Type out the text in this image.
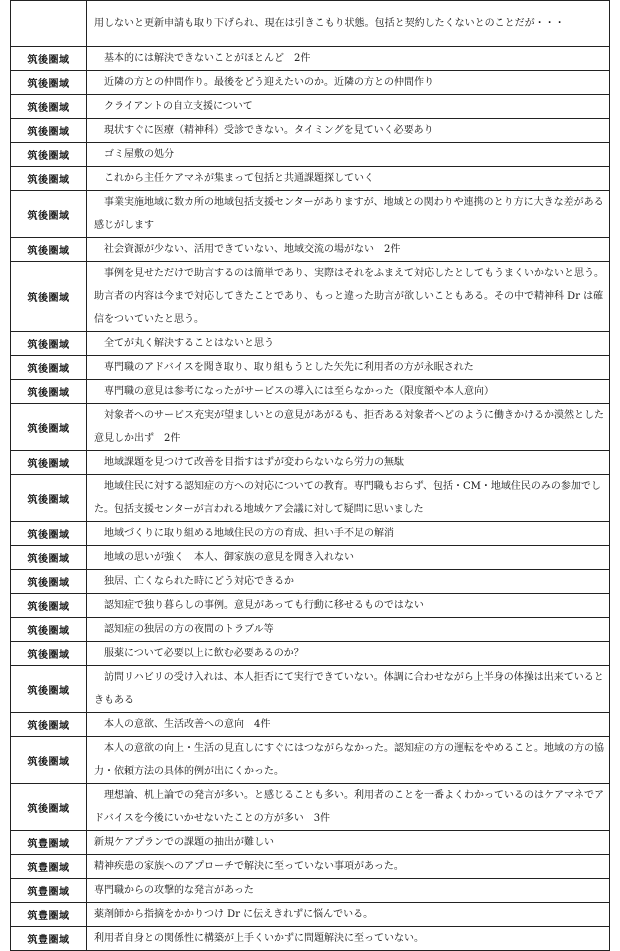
	用しないと更新申請も取り下げられ、現在は引きこもり状態。包括と契約したくないとのことだが・・・
筑後圏域	　基本的には解決できないことがほとんど　2件
筑後圏域	　近隣の方との仲間作り。最後をどう迎えたいのか。近隣の方との仲間作り
筑後圏域	　クライアントの自立支援について
筑後圏域	　現状すぐに医療（精神科）受診できない。タイミングを見ていく必要あり
筑後圏域	　ゴミ屋敷の処分
筑後圏域	　これから主任ケアマネが集まって包括と共通課題探していく
筑後圏域	　事業実施地域に数カ所の地域包括支援センターがありますが、地域との関わりや連携のとり方に大きな差がある感じがします
筑後圏域	　社会資源が少ない、活用できていない、地域交流の場がない　2件
筑後圏域	　事例を見せただけで助言するのは簡単であり、実際はそれをふまえて対応したとしてもうまくいかないと思う。助言者の内容は今まで対応してきたことであり、もっと違った助言が欲しいこともある。その中で精神科 Dr は確信をついていたと思う。
筑後圏域	　全てが丸く解決することはないと思う
筑後圏域	　専門職のアドバイスを聞き取り、取り組もうとした矢先に利用者の方が永眠された
筑後圏域	　専門職の意見は参考になったがサービスの導入には至らなかった（限度額や本人意向）
筑後圏域	　対象者へのサービス充実が望ましいとの意見があがるも、拒否ある対象者へどのように働きかけるか漠然とした意見しか出ず　2件
筑後圏域	　地域課題を見つけて改善を目指すはずが変わらないなら労力の無駄
筑後圏域	　地域住民に対する認知症の方への対応についての教育。専門職もおらず、包括・CM・地域住民のみの参加でした。包括支援センターが言われる地域ケア会議に対して疑問に思いました
筑後圏域	　地域づくりに取り組める地域住民の方の育成、担い手不足の解消
筑後圏域	　地域の思いが強く　本人、御家族の意見を聞き入れない
筑後圏域	　独居、亡くなられた時にどう対応できるか
筑後圏域	　認知症で独り暮らしの事例。意見があっても行動に移せるものではない
筑後圏域	　認知症の独居の方の夜間のトラブル等
筑後圏域	　服薬について必要以上に飲む必要あるのか？
筑後圏域	　訪問リハビリの受け入れは、本人拒否にて実行できていない。体調に合わせながら上半身の体操は出来ているときもある
筑後圏域	　本人の意欲、生活改善への意向　4件
筑後圏域	　本人の意欲の向上・生活の見直しにすぐにはつながらなかった。認知症の方の運転をやめること。地域の方の協力・依頼方法の具体的例が出にくかった。
筑後圏域	　理想論、机上論での発言が多い。と感じることも多い。利用者のことを一番よくわかっているのはケアマネでアドバイスを今後にいかせないたことの方が多い　3件
筑豊圏域	新規ケアプランでの課題の抽出が難しい
筑豊圏域	精神疾患の家族へのアプローチで解決に至っていない事項があった。
筑豊圏域	専門職からの攻撃的な発言があった
筑豊圏域	薬剤師から指摘をかかりつけ Dr に伝えきれずに悩んでいる。
筑豊圏域	利用者自身との関係性に構築が上手くいかずに問題解決に至っていない。
